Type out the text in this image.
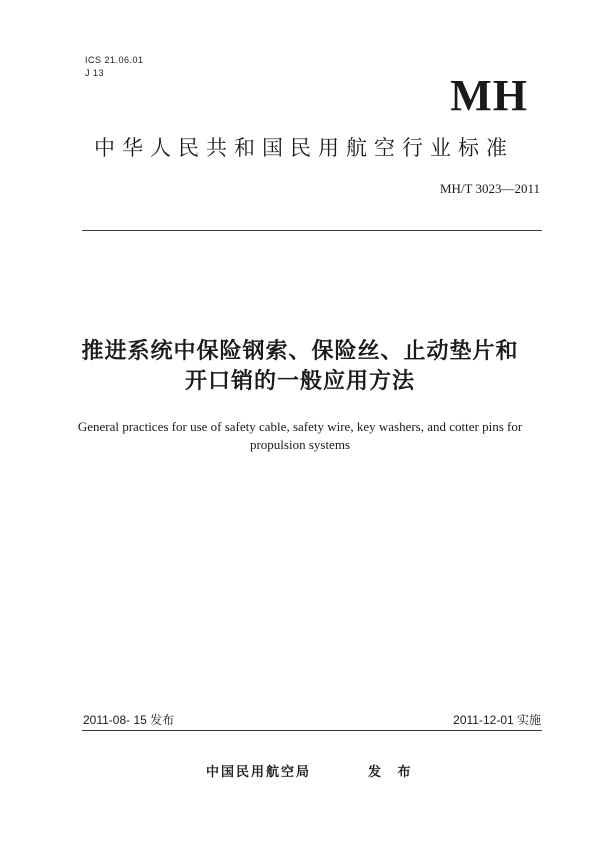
ICS 21.06.01
J 13	MH
中华人民共和国民用航空行业标准
MH/T 3023—2011
推进系统中保险钢索、保险丝、止动垫片和
开口销的一般应用方法
General practices for use of safety cable, safety wire, key washers, and cotter pins for
propulsion systems
2011-08- 15 发布	2011-12-01 实施
中国民用航空局	发 布
